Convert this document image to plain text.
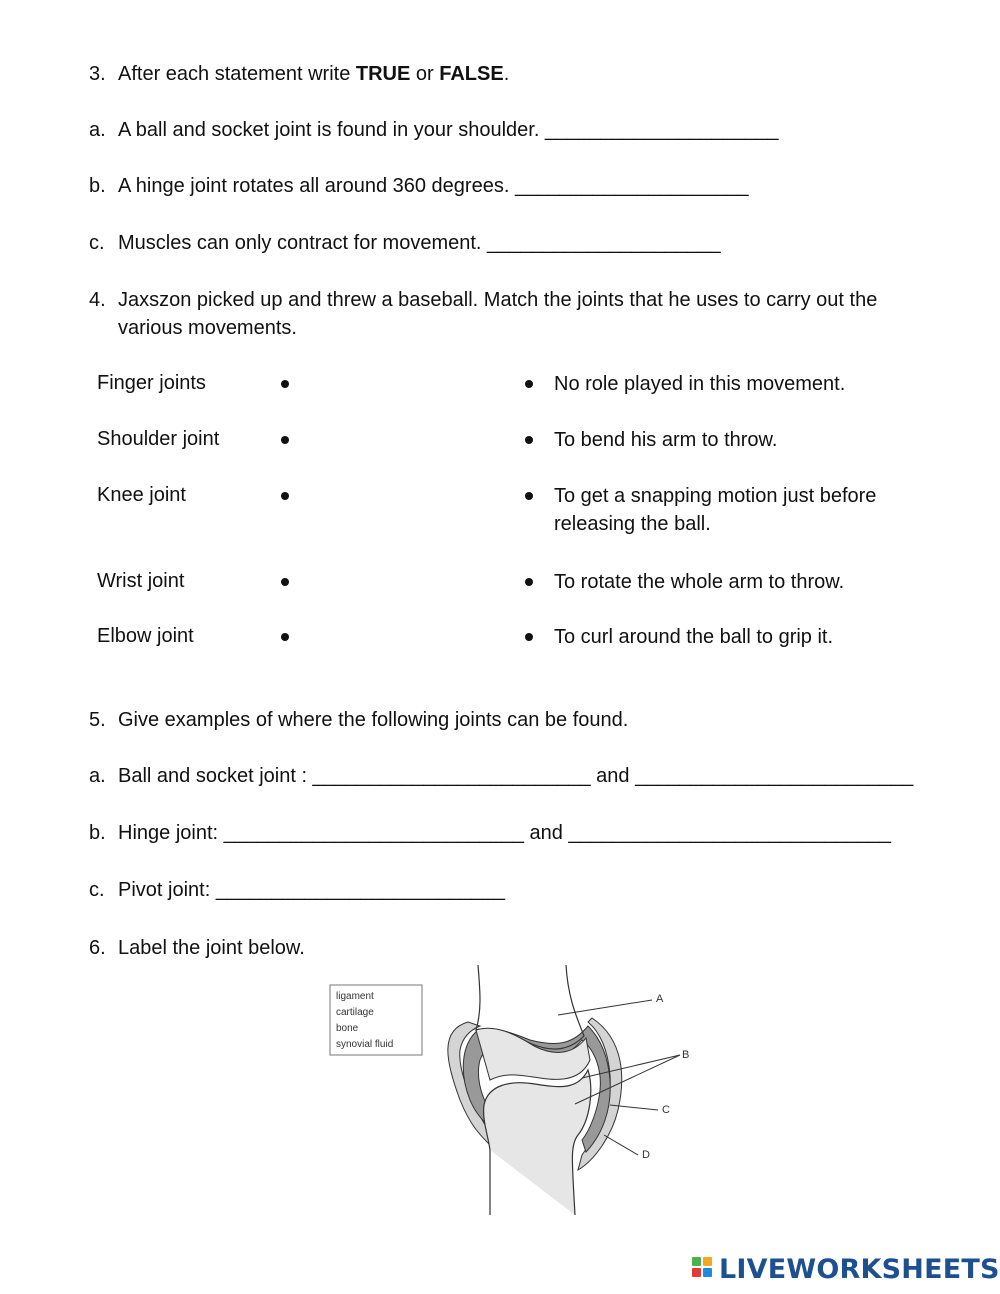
3. After each statement write TRUE or FALSE.
a. A ball and socket joint is found in your shoulder. _____________________
b. A hinge joint rotates all around 360 degrees. _____________________
c. Muscles can only contract for movement. _____________________
4. Jaxszon picked up and threw a baseball. Match the joints that he uses to carry out the
various movements.
Finger joints	No role played in this movement.
Shoulder joint	To bend his arm to throw.
Knee joint	To get a snapping motion just before releasing the ball.
Wrist joint	To rotate the whole arm to throw.
Elbow joint	To curl around the ball to grip it.
5. Give examples of where the following joints can be found.
a. Ball and socket joint : _________________________ and _________________________
b. Hinge joint: ___________________________ and _____________________________
c. Pivot joint: __________________________
6. Label the joint below.
ligament
cartilage
bone
synovial fluid
A
B
C
D
LIVEWORKSHEETS
